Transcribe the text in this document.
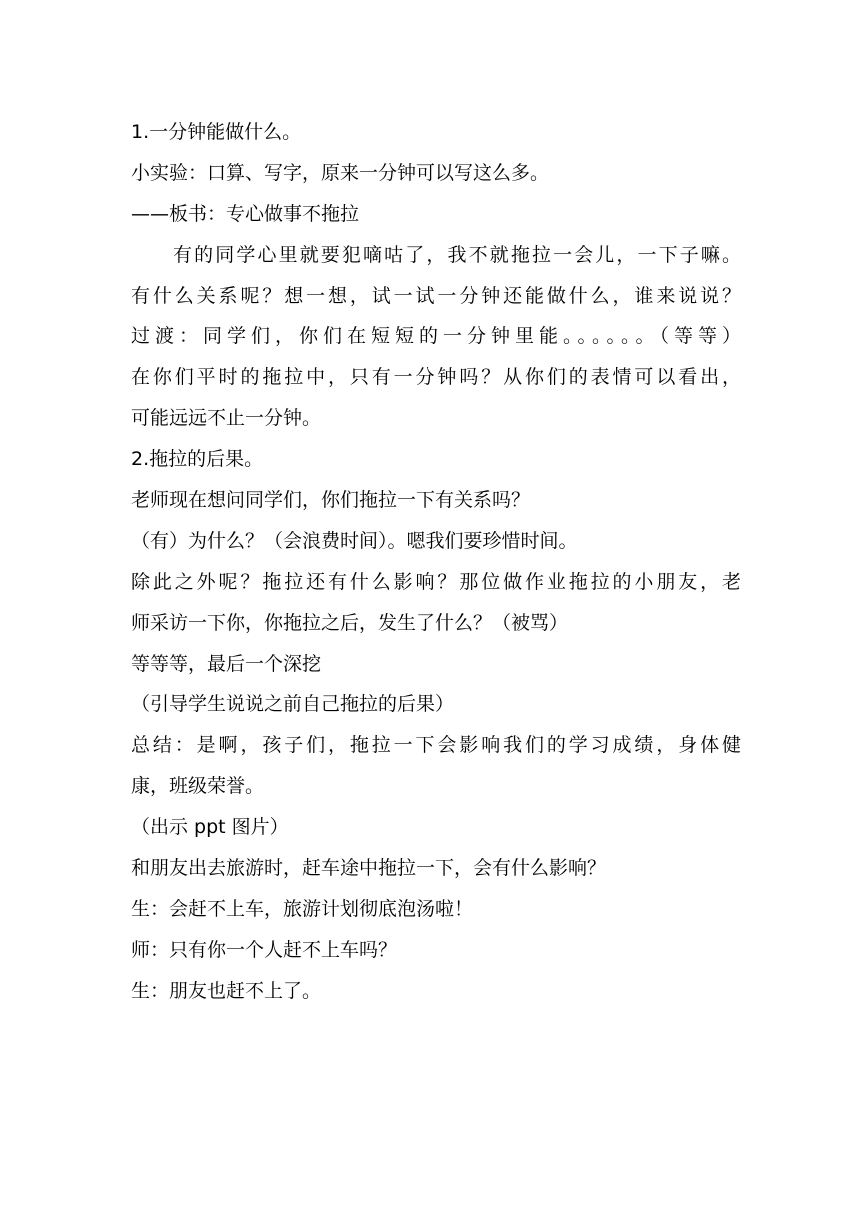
1.一分钟能做什么。
小实验：口算、写字，原来一分钟可以写这么多。
——板书：专心做事不拖拉
有的同学心里就要犯嘀咕了，我不就拖拉一会儿，一下子嘛。
有什么关系呢？想一想，试一试一分钟还能做什么，谁来说说？
过渡：同学们，你们在短短的一分钟里能。。。。。。（等等）
在你们平时的拖拉中，只有一分钟吗？从你们的表情可以看出，
可能远远不止一分钟。
2.拖拉的后果。
老师现在想问同学们，你们拖拉一下有关系吗？
（有）为什么？（会浪费时间）。嗯我们要珍惜时间。
除此之外呢？拖拉还有什么影响？那位做作业拖拉的小朋友，老
师采访一下你，你拖拉之后，发生了什么？（被骂）
等等等，最后一个深挖
（引导学生说说之前自己拖拉的后果）
总结：是啊，孩子们，拖拉一下会影响我们的学习成绩，身体健
康，班级荣誉。
（出示 ppt 图片）
和朋友出去旅游时，赶车途中拖拉一下，会有什么影响？
生：会赶不上车，旅游计划彻底泡汤啦！
师：只有你一个人赶不上车吗？
生：朋友也赶不上了。
